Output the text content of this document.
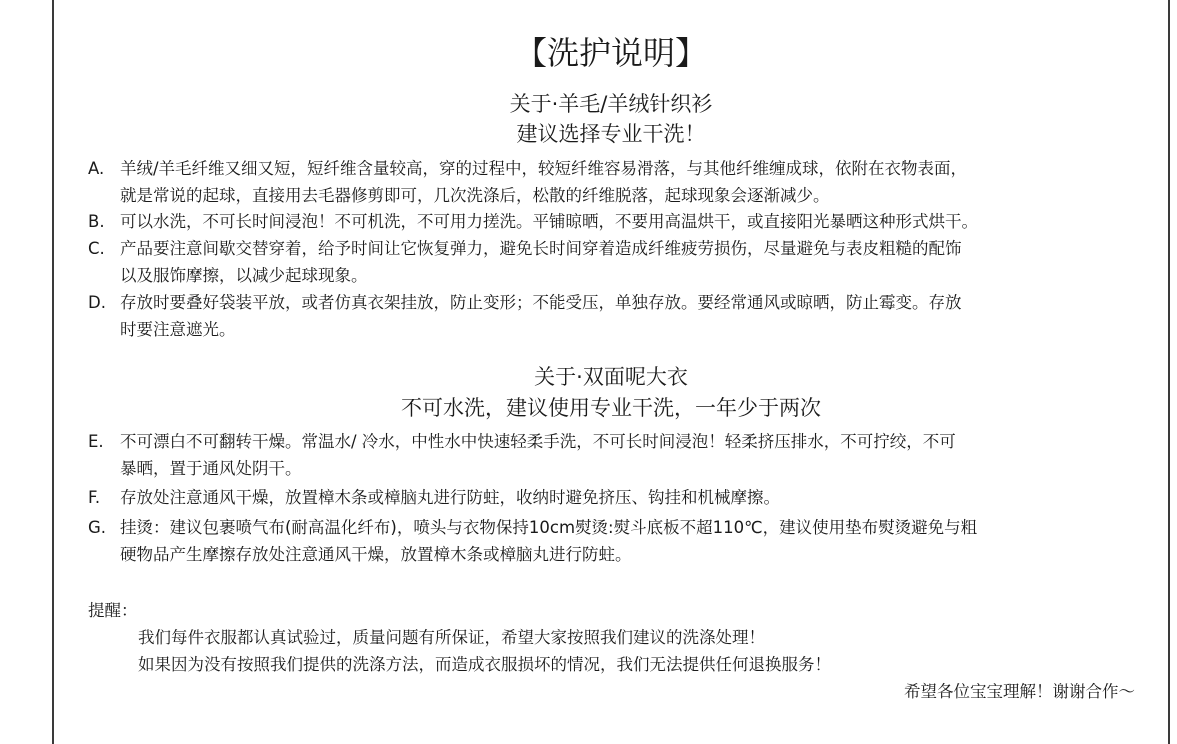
【洗护说明】
关于·羊毛/羊绒针织衫
建议选择专业干洗！
A. 羊绒/羊毛纤维又细又短，短纤维含量较高，穿的过程中，较短纤维容易滑落，与其他纤维缠成球，依附在衣物表面，
就是常说的起球，直接用去毛器修剪即可，几次洗涤后，松散的纤维脱落，起球现象会逐渐减少。
B. 可以水洗，不可长时间浸泡！不可机洗，不可用力搓洗。平铺晾晒，不要用高温烘干，或直接阳光暴晒这种形式烘干。
C. 产品要注意间歇交替穿着，给予时间让它恢复弹力，避免长时间穿着造成纤维疲劳损伤，尽量避免与表皮粗糙的配饰
以及服饰摩擦，以减少起球现象。
D. 存放时要叠好袋装平放，或者仿真衣架挂放，防止变形；不能受压，单独存放。要经常通风或晾晒，防止霉变。存放
时要注意遮光。
关于·双面呢大衣
不可水洗，建议使用专业干洗，一年少于两次
E. 不可漂白不可翻转干燥。常温水/ 冷水，中性水中快速轻柔手洗，不可长时间浸泡！轻柔挤压排水，不可拧绞，不可
暴晒，置于通风处阴干。
F. 存放处注意通风干燥，放置樟木条或樟脑丸进行防蛀，收纳时避免挤压、钩挂和机械摩擦。
G. 挂烫：建议包裹喷气布(耐高温化纤布)，喷头与衣物保持10cm熨烫:熨斗底板不超110℃，建议使用垫布熨烫避免与粗
硬物品产生摩擦存放处注意通风干燥，放置樟木条或樟脑丸进行防蛀。
提醒：
我们每件衣服都认真试验过，质量问题有所保证，希望大家按照我们建议的洗涤处理！
如果因为没有按照我们提供的洗涤方法，而造成衣服损坏的情况，我们无法提供任何退换服务！
希望各位宝宝理解！谢谢合作～
